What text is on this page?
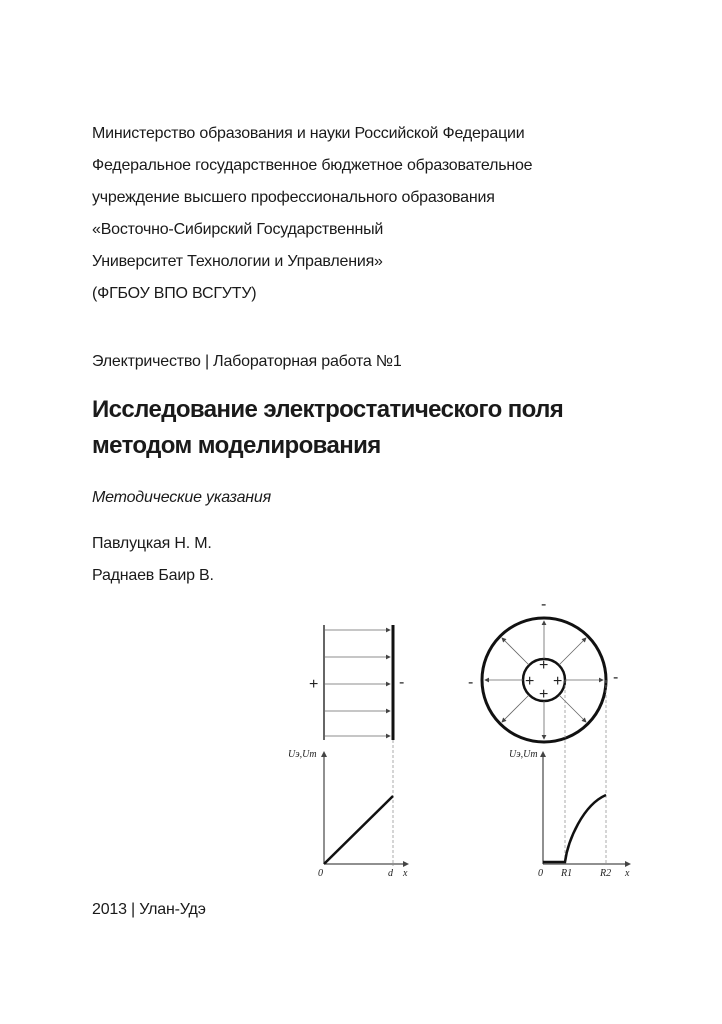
Министерство образования и науки Российской Федерации
Федеральное государственное бюджетное образовательное
учреждение высшего профессионального образования
«Восточно-Сибирский Государственный
Университет Технологии и Управления»
(ФГБОУ ВПО ВСГУТУ)
Электричество | Лабораторная работа №1
Исследование электростатического поля
методом моделирования
Методические указания
Павлуцкая Н. М.
Раднаев Баир В.
+	-
Uэ,Uт
0	d x
+
+ +
+
-
-	-
Uэ,Uт
0 R1	R2 x
2013 | Улан-Удэ
